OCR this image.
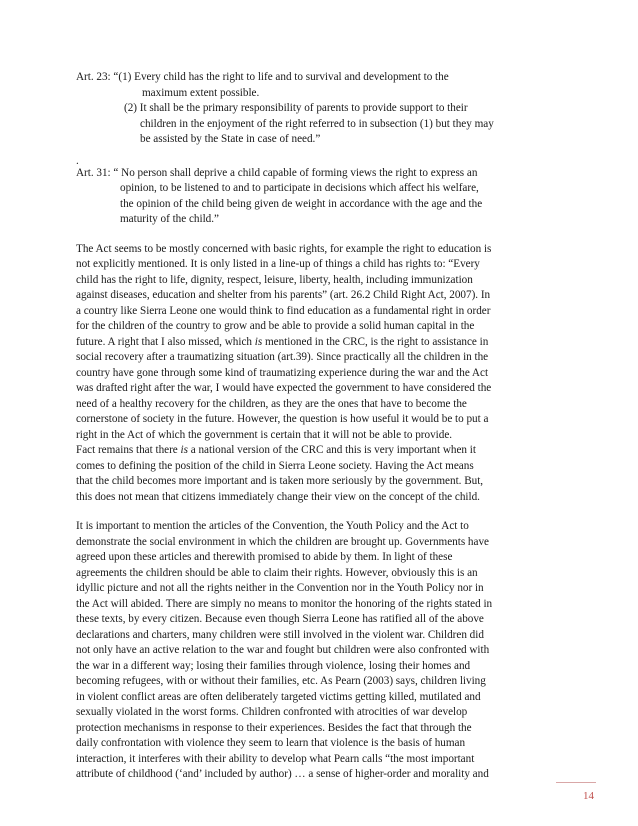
Art. 23: “(1) Every child has the right to life and to survival and development to the
maximum extent possible.
(2) It shall be the primary responsibility of parents to provide support to their
children in the enjoyment of the right referred to in subsection (1) but they may
be assisted by the State in case of need.”
.
Art. 31: “ No person shall deprive a child capable of forming views the right to express an
opinion, to be listened to and to participate in decisions which affect his welfare,
the opinion of the child being given de weight in accordance with the age and the
maturity of the child.”
The Act seems to be mostly concerned with basic rights, for example the right to education is
not explicitly mentioned. It is only listed in a line-up of things a child has rights to: “Every
child has the right to life, dignity, respect, leisure, liberty, health, including immunization
against diseases, education and shelter from his parents” (art. 26.2 Child Right Act, 2007). In
a country like Sierra Leone one would think to find education as a fundamental right in order
for the children of the country to grow and be able to provide a solid human capital in the
future. A right that I also missed, which is mentioned in the CRC, is the right to assistance in
social recovery after a traumatizing situation (art.39). Since practically all the children in the
country have gone through some kind of traumatizing experience during the war and the Act
was drafted right after the war, I would have expected the government to have considered the
need of a healthy recovery for the children, as they are the ones that have to become the
cornerstone of society in the future. However, the question is how useful it would be to put a
right in the Act of which the government is certain that it will not be able to provide.
Fact remains that there is a national version of the CRC and this is very important when it
comes to defining the position of the child in Sierra Leone society. Having the Act means
that the child becomes more important and is taken more seriously by the government. But,
this does not mean that citizens immediately change their view on the concept of the child.
It is important to mention the articles of the Convention, the Youth Policy and the Act to
demonstrate the social environment in which the children are brought up. Governments have
agreed upon these articles and therewith promised to abide by them. In light of these
agreements the children should be able to claim their rights. However, obviously this is an
idyllic picture and not all the rights neither in the Convention nor in the Youth Policy nor in
the Act will abided. There are simply no means to monitor the honoring of the rights stated in
these texts, by every citizen. Because even though Sierra Leone has ratified all of the above
declarations and charters, many children were still involved in the violent war. Children did
not only have an active relation to the war and fought but children were also confronted with
the war in a different way; losing their families through violence, losing their homes and
becoming refugees, with or without their families, etc. As Pearn (2003) says, children living
in violent conflict areas are often deliberately targeted victims getting killed, mutilated and
sexually violated in the worst forms. Children confronted with atrocities of war develop
protection mechanisms in response to their experiences. Besides the fact that through the
daily confrontation with violence they seem to learn that violence is the basis of human
interaction, it interferes with their ability to develop what Pearn calls “the most important
attribute of childhood (‘and’ included by author) … a sense of higher-order and morality and
14
